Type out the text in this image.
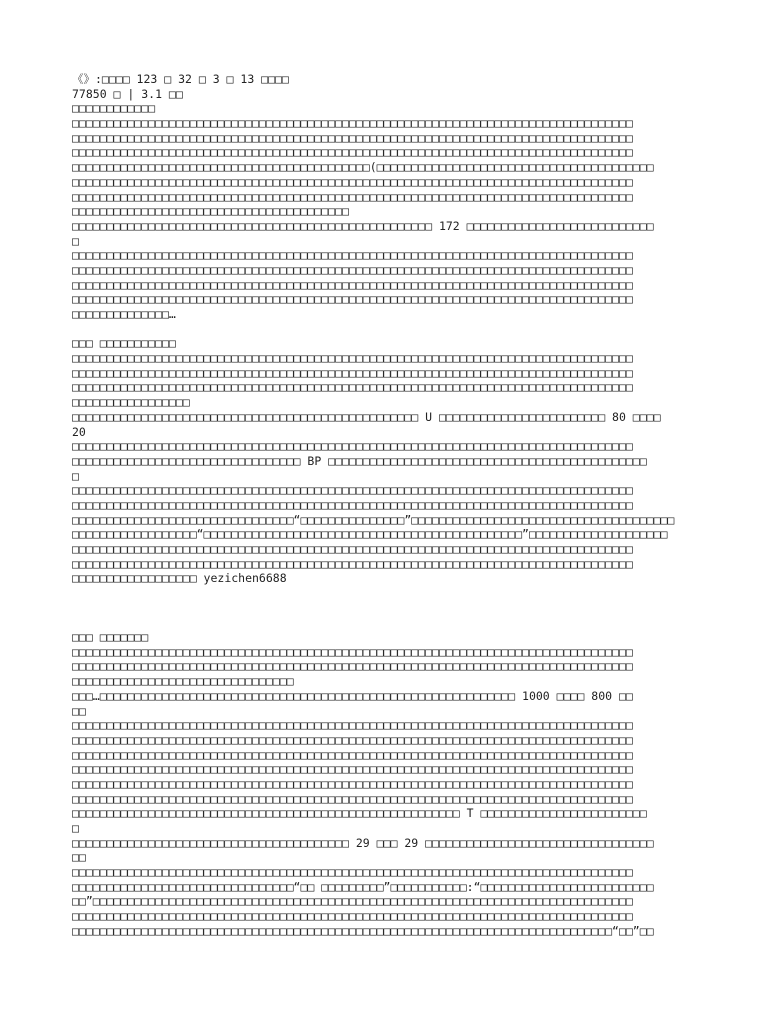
《》:□□□□ 123 □ 32 □ 3 □ 13 □□□□
77850 □ | 3.1 □□
□□□□□□□□□□□□
□□□□□□□□□□□□□□□□□□□□□□□□□□□□□□□□□□□□□□□□□□□□□□□□□□□□□□□□□□□□□□□□□□□□□□□□□□□□□□□□□
□□□□□□□□□□□□□□□□□□□□□□□□□□□□□□□□□□□□□□□□□□□□□□□□□□□□□□□□□□□□□□□□□□□□□□□□□□□□□□□□□
□□□□□□□□□□□□□□□□□□□□□□□□□□□□□□□□□□□□□□□□□□□□□□□□□□□□□□□□□□□□□□□□□□□□□□□□□□□□□□□□□
□□□□□□□□□□□□□□□□□□□□□□□□□□□□□□□□□□□□□□□□□□□(□□□□□□□□□□□□□□□□□□□□□□□□□□□□□□□□□□□□□□□□
□□□□□□□□□□□□□□□□□□□□□□□□□□□□□□□□□□□□□□□□□□□□□□□□□□□□□□□□□□□□□□□□□□□□□□□□□□□□□□□□□
□□□□□□□□□□□□□□□□□□□□□□□□□□□□□□□□□□□□□□□□□□□□□□□□□□□□□□□□□□□□□□□□□□□□□□□□□□□□□□□□□
□□□□□□□□□□□□□□□□□□□□□□□□□□□□□□□□□□□□□□□□
□□□□□□□□□□□□□□□□□□□□□□□□□□□□□□□□□□□□□□□□□□□□□□□□□□□□ 172 □□□□□□□□□□□□□□□□□□□□□□□□□□□
□
□□□□□□□□□□□□□□□□□□□□□□□□□□□□□□□□□□□□□□□□□□□□□□□□□□□□□□□□□□□□□□□□□□□□□□□□□□□□□□□□□
□□□□□□□□□□□□□□□□□□□□□□□□□□□□□□□□□□□□□□□□□□□□□□□□□□□□□□□□□□□□□□□□□□□□□□□□□□□□□□□□□
□□□□□□□□□□□□□□□□□□□□□□□□□□□□□□□□□□□□□□□□□□□□□□□□□□□□□□□□□□□□□□□□□□□□□□□□□□□□□□□□□
□□□□□□□□□□□□□□□□□□□□□□□□□□□□□□□□□□□□□□□□□□□□□□□□□□□□□□□□□□□□□□□□□□□□□□□□□□□□□□□□□
□□□□□□□□□□□□□□…
□□□ □□□□□□□□□□□
□□□□□□□□□□□□□□□□□□□□□□□□□□□□□□□□□□□□□□□□□□□□□□□□□□□□□□□□□□□□□□□□□□□□□□□□□□□□□□□□□
□□□□□□□□□□□□□□□□□□□□□□□□□□□□□□□□□□□□□□□□□□□□□□□□□□□□□□□□□□□□□□□□□□□□□□□□□□□□□□□□□
□□□□□□□□□□□□□□□□□□□□□□□□□□□□□□□□□□□□□□□□□□□□□□□□□□□□□□□□□□□□□□□□□□□□□□□□□□□□□□□□□
□□□□□□□□□□□□□□□□□
□□□□□□□□□□□□□□□□□□□□□□□□□□□□□□□□□□□□□□□□□□□□□□□□□□ U □□□□□□□□□□□□□□□□□□□□□□□□ 80 □□□□
20
□□□□□□□□□□□□□□□□□□□□□□□□□□□□□□□□□□□□□□□□□□□□□□□□□□□□□□□□□□□□□□□□□□□□□□□□□□□□□□□□□
□□□□□□□□□□□□□□□□□□□□□□□□□□□□□□□□□ BP □□□□□□□□□□□□□□□□□□□□□□□□□□□□□□□□□□□□□□□□□□□□□□
□
□□□□□□□□□□□□□□□□□□□□□□□□□□□□□□□□□□□□□□□□□□□□□□□□□□□□□□□□□□□□□□□□□□□□□□□□□□□□□□□□□
□□□□□□□□□□□□□□□□□□□□□□□□□□□□□□□□□□□□□□□□□□□□□□□□□□□□□□□□□□□□□□□□□□□□□□□□□□□□□□□□□
□□□□□□□□□□□□□□□□□□□□□□□□□□□□□□□□“□□□□□□□□□□□□□□□”□□□□□□□□□□□□□□□□□□□□□□□□□□□□□□□□□□□□□□
□□□□□□□□□□□□□□□□□□“□□□□□□□□□□□□□□□□□□□□□□□□□□□□□□□□□□□□□□□□□□□□□□”□□□□□□□□□□□□□□□□□□□□
□□□□□□□□□□□□□□□□□□□□□□□□□□□□□□□□□□□□□□□□□□□□□□□□□□□□□□□□□□□□□□□□□□□□□□□□□□□□□□□□□
□□□□□□□□□□□□□□□□□□□□□□□□□□□□□□□□□□□□□□□□□□□□□□□□□□□□□□□□□□□□□□□□□□□□□□□□□□□□□□□□□
□□□□□□□□□□□□□□□□□□ yezichen6688
□□□ □□□□□□□
□□□□□□□□□□□□□□□□□□□□□□□□□□□□□□□□□□□□□□□□□□□□□□□□□□□□□□□□□□□□□□□□□□□□□□□□□□□□□□□□□
□□□□□□□□□□□□□□□□□□□□□□□□□□□□□□□□□□□□□□□□□□□□□□□□□□□□□□□□□□□□□□□□□□□□□□□□□□□□□□□□□
□□□□□□□□□□□□□□□□□□□□□□□□□□□□□□□□
□□□…□□□□□□□□□□□□□□□□□□□□□□□□□□□□□□□□□□□□□□□□□□□□□□□□□□□□□□□□□□□□ 1000 □□□□ 800 □□
□□
□□□□□□□□□□□□□□□□□□□□□□□□□□□□□□□□□□□□□□□□□□□□□□□□□□□□□□□□□□□□□□□□□□□□□□□□□□□□□□□□□
□□□□□□□□□□□□□□□□□□□□□□□□□□□□□□□□□□□□□□□□□□□□□□□□□□□□□□□□□□□□□□□□□□□□□□□□□□□□□□□□□
□□□□□□□□□□□□□□□□□□□□□□□□□□□□□□□□□□□□□□□□□□□□□□□□□□□□□□□□□□□□□□□□□□□□□□□□□□□□□□□□□
□□□□□□□□□□□□□□□□□□□□□□□□□□□□□□□□□□□□□□□□□□□□□□□□□□□□□□□□□□□□□□□□□□□□□□□□□□□□□□□□□
□□□□□□□□□□□□□□□□□□□□□□□□□□□□□□□□□□□□□□□□□□□□□□□□□□□□□□□□□□□□□□□□□□□□□□□□□□□□□□□□□
□□□□□□□□□□□□□□□□□□□□□□□□□□□□□□□□□□□□□□□□□□□□□□□□□□□□□□□□□□□□□□□□□□□□□□□□□□□□□□□□□
□□□□□□□□□□□□□□□□□□□□□□□□□□□□□□□□□□□□□□□□□□□□□□□□□□□□□□□□ T □□□□□□□□□□□□□□□□□□□□□□□□
□
□□□□□□□□□□□□□□□□□□□□□□□□□□□□□□□□□□□□□□□□ 29 □□□ 29 □□□□□□□□□□□□□□□□□□□□□□□□□□□□□□□□□
□□
□□□□□□□□□□□□□□□□□□□□□□□□□□□□□□□□□□□□□□□□□□□□□□□□□□□□□□□□□□□□□□□□□□□□□□□□□□□□□□□□□
□□□□□□□□□□□□□□□□□□□□□□□□□□□□□□□□“□□ □□□□□□□□□”□□□□□□□□□□□:“□□□□□□□□□□□□□□□□□□□□□□□□□
□□”□□□□□□□□□□□□□□□□□□□□□□□□□□□□□□□□□□□□□□□□□□□□□□□□□□□□□□□□□□□□□□□□□□□□□□□□□□□□□□
□□□□□□□□□□□□□□□□□□□□□□□□□□□□□□□□□□□□□□□□□□□□□□□□□□□□□□□□□□□□□□□□□□□□□□□□□□□□□□□□□
□□□□□□□□□□□□□□□□□□□□□□□□□□□□□□□□□□□□□□□□□□□□□□□□□□□□□□□□□□□□□□□□□□□□□□□□□□□□□□“□□”□□
